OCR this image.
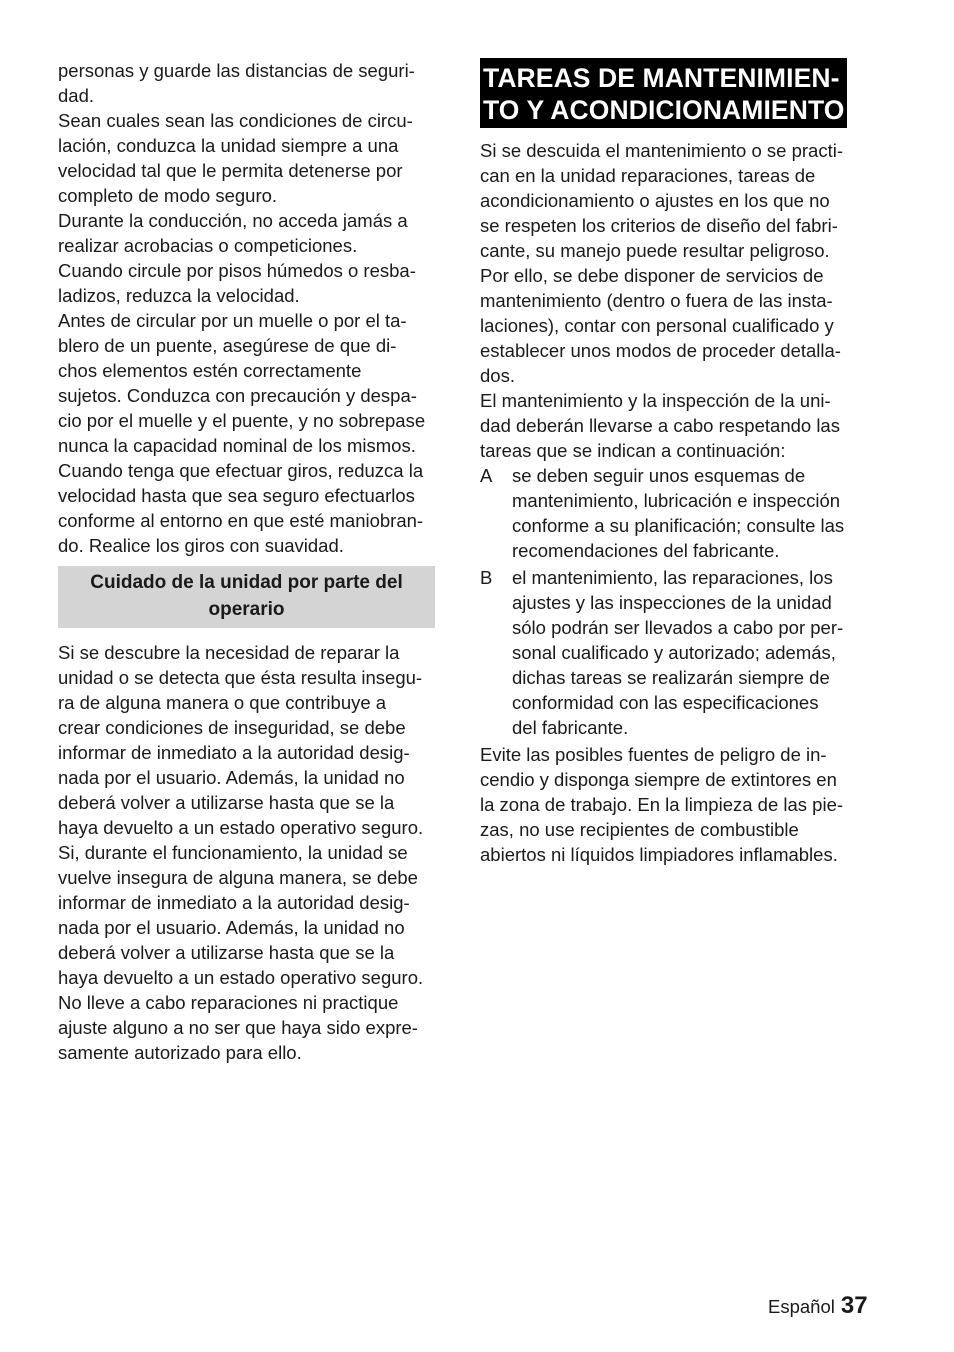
personas y guarde las distancias de seguri-
dad.
Sean cuales sean las condiciones de circu-
lación, conduzca la unidad siempre a una
velocidad tal que le permita detenerse por
completo de modo seguro.
Durante la conducción, no acceda jamás a
realizar acrobacias o competiciones.
Cuando circule por pisos húmedos o resba-
ladizos, reduzca la velocidad.
Antes de circular por un muelle o por el ta-
blero de un puente, asegúrese de que di-
chos elementos estén correctamente
sujetos. Conduzca con precaución y despa-
cio por el muelle y el puente, y no sobrepase
nunca la capacidad nominal de los mismos.
Cuando tenga que efectuar giros, reduzca la
velocidad hasta que sea seguro efectuarlos
conforme al entorno en que esté maniobran-
do. Realice los giros con suavidad.
Cuidado de la unidad por parte del
operario
Si se descubre la necesidad de reparar la
unidad o se detecta que ésta resulta insegu-
ra de alguna manera o que contribuye a
crear condiciones de inseguridad, se debe
informar de inmediato a la autoridad desig-
nada por el usuario. Además, la unidad no
deberá volver a utilizarse hasta que se la
haya devuelto a un estado operativo seguro.
Si, durante el funcionamiento, la unidad se
vuelve insegura de alguna manera, se debe
informar de inmediato a la autoridad desig-
nada por el usuario. Además, la unidad no
deberá volver a utilizarse hasta que se la
haya devuelto a un estado operativo seguro.
No lleve a cabo reparaciones ni practique
ajuste alguno a no ser que haya sido expre-
samente autorizado para ello.
TAREAS DE MANTENIMIEN-
TO Y ACONDICIONAMIENTO
Si se descuida el mantenimiento o se practi-
can en la unidad reparaciones, tareas de
acondicionamiento o ajustes en los que no
se respeten los criterios de diseño del fabri-
cante, su manejo puede resultar peligroso.
Por ello, se debe disponer de servicios de
mantenimiento (dentro o fuera de las insta-
laciones), contar con personal cualificado y
establecer unos modos de proceder detalla-
dos.
El mantenimiento y la inspección de la uni-
dad deberán llevarse a cabo respetando las
tareas que se indican a continuación:
A	se deben seguir unos esquemas de
mantenimiento, lubricación e inspección
conforme a su planificación; consulte las
recomendaciones del fabricante.
B	el mantenimiento, las reparaciones, los
ajustes y las inspecciones de la unidad
sólo podrán ser llevados a cabo por per-
sonal cualificado y autorizado; además,
dichas tareas se realizarán siempre de
conformidad con las especificaciones
del fabricante.
Evite las posibles fuentes de peligro de in-
cendio y disponga siempre de extintores en
la zona de trabajo. En la limpieza de las pie-
zas, no use recipientes de combustible
abiertos ni líquidos limpiadores inflamables.
Español 37
